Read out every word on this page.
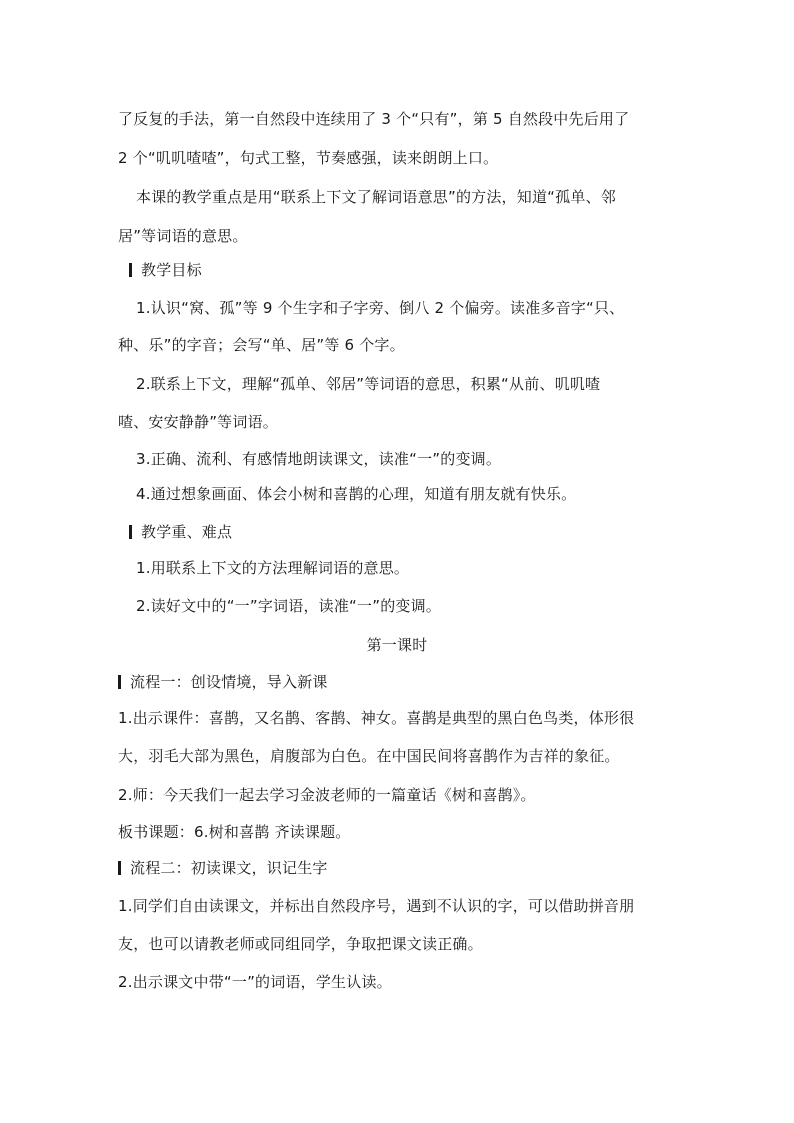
了反复的手法，第一自然段中连续用了 3 个“只有”，第 5 自然段中先后用了
2 个“叽叽喳喳”，句式工整，节奏感强，读来朗朗上口。
本课的教学重点是用“联系上下文了解词语意思”的方法，知道“孤单、邻
居”等词语的意思。
教学目标
1.认识“窝、孤”等 9 个生字和子字旁、倒八 2 个偏旁。读准多音字“只、
种、乐”的字音；会写“单、居”等 6 个字。
2.联系上下文，理解“孤单、邻居”等词语的意思，积累“从前、叽叽喳
喳、安安静静”等词语。
3.正确、流利、有感情地朗读课文，读准“一”的变调。
4.通过想象画面、体会小树和喜鹊的心理，知道有朋友就有快乐。
教学重、难点
1.用联系上下文的方法理解词语的意思。
2.读好文中的“一”字词语，读准“一”的变调。
第一课时
流程一：创设情境，导入新课
1.出示课件：喜鹊，又名鹊、客鹊、神女。喜鹊是典型的黑白色鸟类，体形很
大，羽毛大部为黑色，肩腹部为白色。在中国民间将喜鹊作为吉祥的象征。
2.师：今天我们一起去学习金波老师的一篇童话《树和喜鹊》。
板书课题：6.树和喜鹊 齐读课题。
流程二：初读课文，识记生字
1.同学们自由读课文，并标出自然段序号，遇到不认识的字，可以借助拼音朋
友，也可以请教老师或同组同学，争取把课文读正确。
2.出示课文中带“一”的词语，学生认读。
